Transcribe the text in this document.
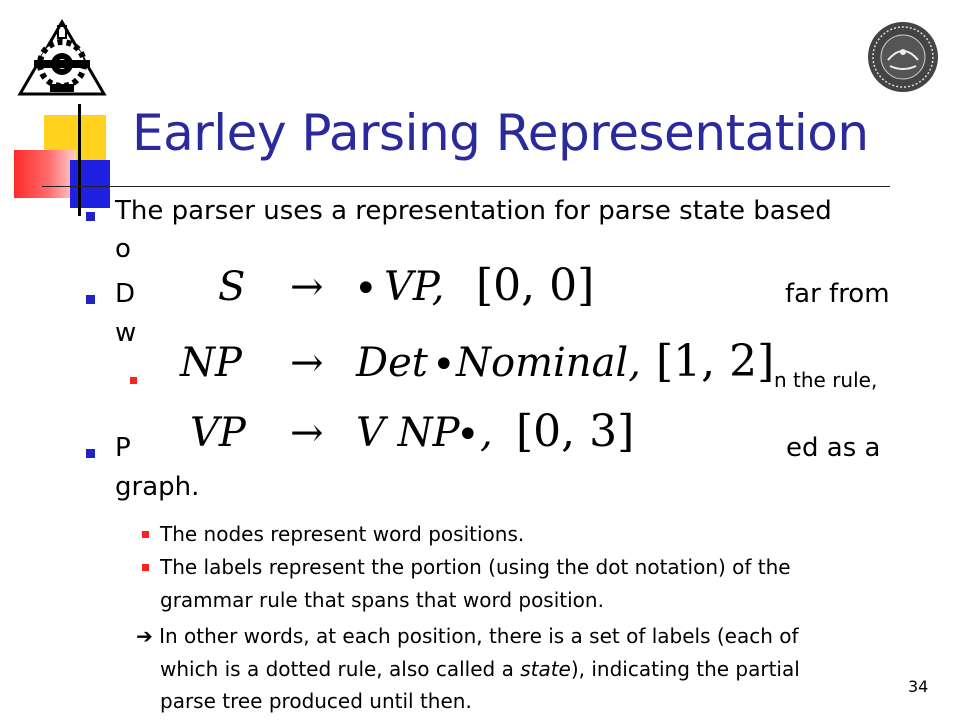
Earley Parsing Representation
The parser uses a representation for parse state based
o
D	far from
w
n the rule,
P	ed as a
graph.
The nodes represent word positions.
The labels represent the portion (using the dot notation) of the
grammar rule that spans that word position.
➔ In other words, at each position, there is a set of labels (each of
which is a dotted rule, also called a state), indicating the partial
parse tree produced until then.
S → • VP, [0, 0]
NP → Det • Nominal, [1, 2]
VP → V NP
• , [0, 3]
34
